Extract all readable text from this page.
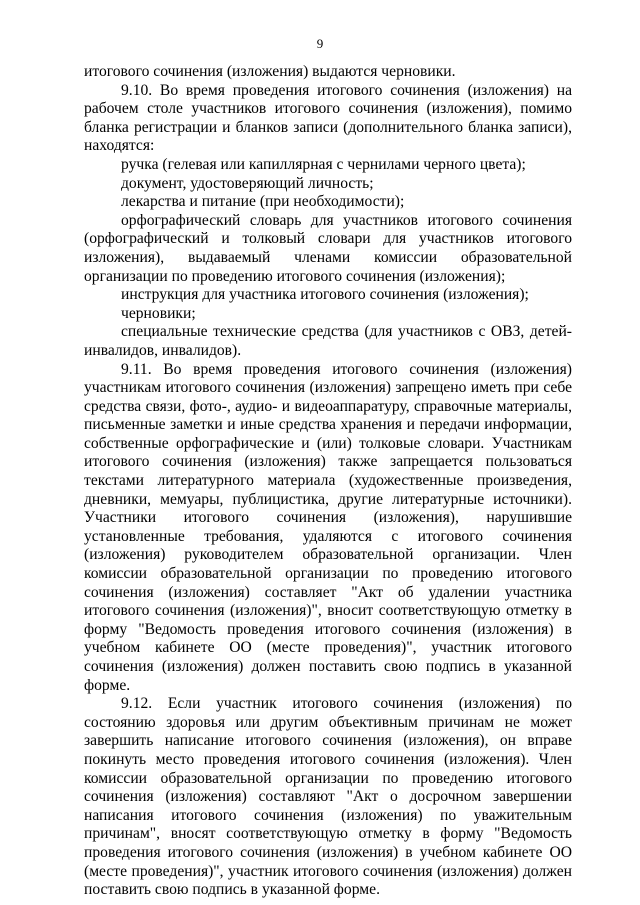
9

итогового сочинения (изложения) выдаются черновики.

9.10. Во время проведения итогового сочинения (изложения) на рабочем столе участников итогового сочинения (изложения), помимо бланка регистрации и бланков записи (дополнительного бланка записи), находятся:

ручка (гелевая или капиллярная с чернилами черного цвета);

документ, удостоверяющий личность;

лекарства и питание (при необходимости);

орфографический словарь для участников итогового сочинения (орфографический и толковый словари для участников итогового изложения), выдаваемый членами комиссии образовательной организации по проведению итогового сочинения (изложения);

инструкция для участника итогового сочинения (изложения);

черновики;

специальные технические средства (для участников с ОВЗ, детей-инвалидов, инвалидов).

9.11. Во время проведения итогового сочинения (изложения) участникам итогового сочинения (изложения) запрещено иметь при себе средства связи, фото-, аудио- и видеоаппаратуру, справочные материалы, письменные заметки и иные средства хранения и передачи информации, собственные орфографические и (или) толковые словари. Участникам итогового сочинения (изложения) также запрещается пользоваться текстами литературного материала (художественные произведения, дневники, мемуары, публицистика, другие литературные источники). Участники итогового сочинения (изложения), нарушившие установленные требования, удаляются с итогового сочинения (изложения) руководителем образовательной организации. Член комиссии образовательной организации по проведению итогового сочинения (изложения) составляет "Акт об удалении участника итогового сочинения (изложения)", вносит соответствующую отметку в форму "Ведомость проведения итогового сочинения (изложения) в учебном кабинете ОО (месте проведения)", участник итогового сочинения (изложения) должен поставить свою подпись в указанной форме.

9.12. Если участник итогового сочинения (изложения) по состоянию здоровья или другим объективным причинам не может завершить написание итогового сочинения (изложения), он вправе покинуть место проведения итогового сочинения (изложения). Член комиссии образовательной организации по проведению итогового сочинения (изложения) составляют "Акт о досрочном завершении написания итогового сочинения (изложения) по уважительным причинам", вносят соответствующую отметку в форму "Ведомость проведения итогового сочинения (изложения) в учебном кабинете ОО (месте проведения)", участник итогового сочинения (изложения) должен поставить свою подпись в указанной форме.
